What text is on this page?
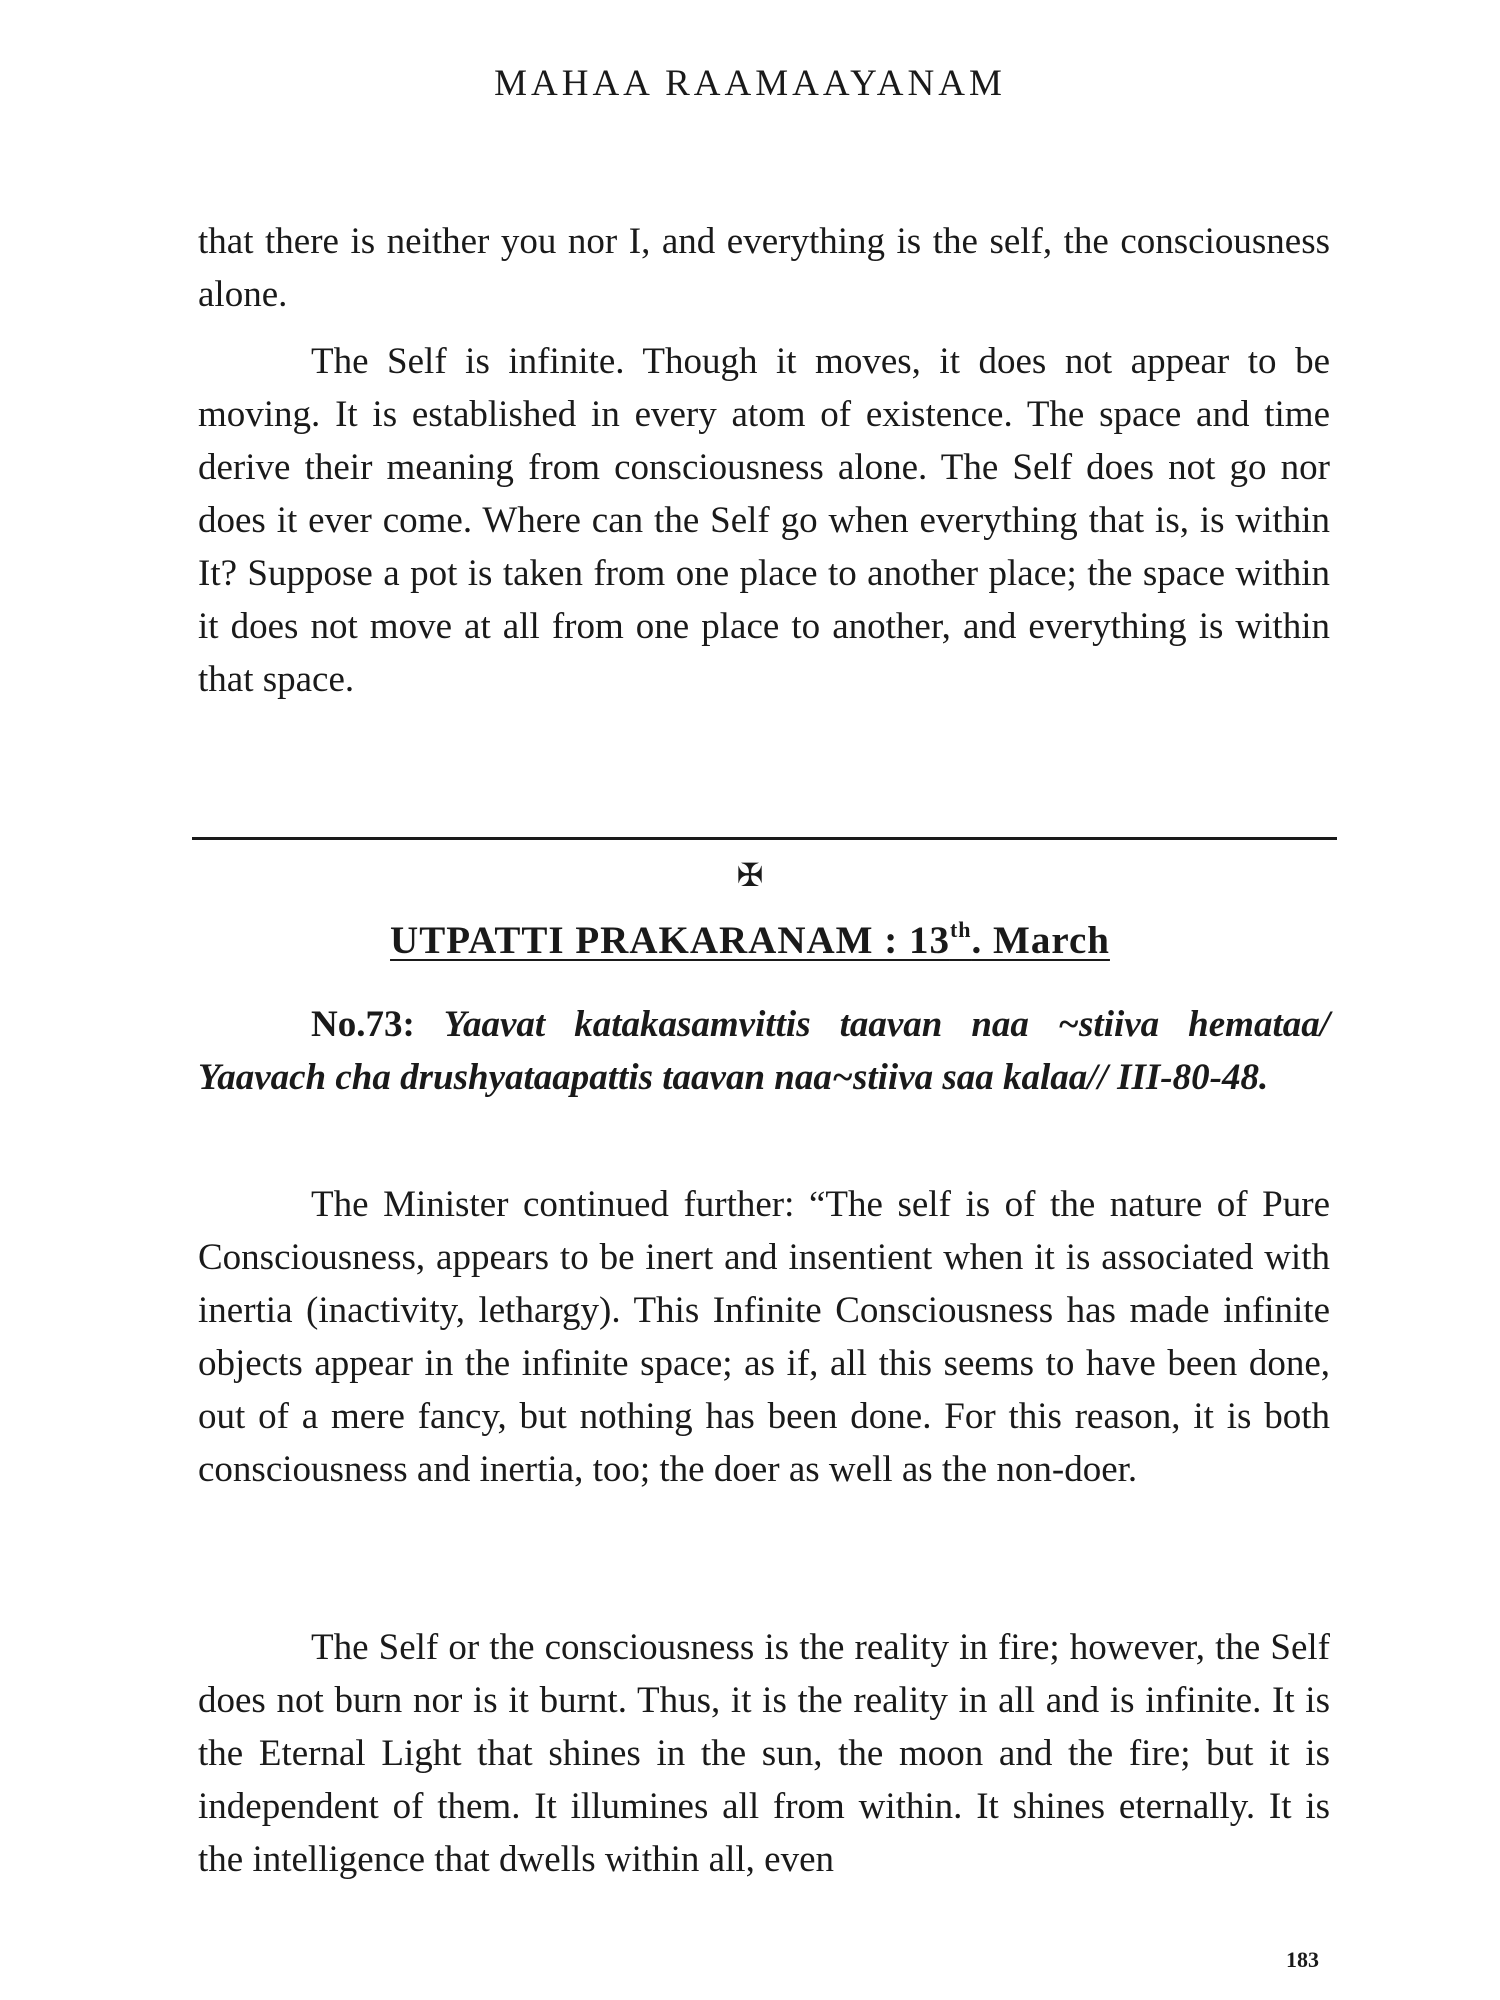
MAHAA RAAMAAYANAM

that there is neither you nor I, and everything is the self, the consciousness alone.

The Self is infinite. Though it moves, it does not appear to be moving. It is established in every atom of existence. The space and time derive their meaning from consciousness alone. The Self does not go nor does it ever come. Where can the Self go when everything that is, is within It? Suppose a pot is taken from one place to another place; the space within it does not move at all from one place to another, and everything is within that space.

✠
UTPATTI PRAKARANAM : 13th. March

No.73: Yaavat katakasamvittis taavan naa ~stiiva hemataa/ Yaavach cha drushyataapattis taavan naa~stiiva saa kalaa// III-80-48.

The Minister continued further: “The self is of the nature of Pure Consciousness, appears to be inert and insentient when it is associated with inertia (inactivity, lethargy). This Infinite Consciousness has made infinite objects appear in the infinite space; as if, all this seems to have been done, out of a mere fancy, but nothing has been done. For this reason, it is both consciousness and inertia, too; the doer as well as the non-doer.

The Self or the consciousness is the reality in fire; however, the Self does not burn nor is it burnt. Thus, it is the reality in all and is infinite. It is the Eternal Light that shines in the sun, the moon and the fire; but it is independent of them. It illumines all from within. It shines eternally. It is the intelligence that dwells within all, even

183
